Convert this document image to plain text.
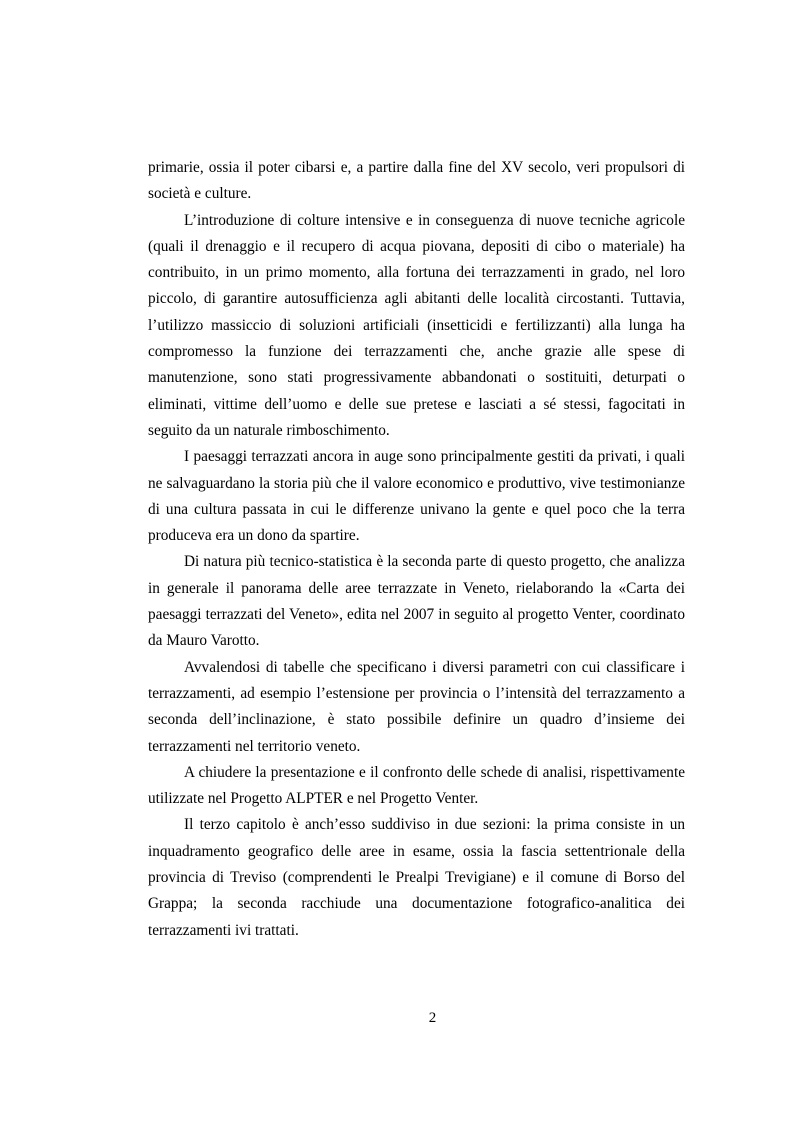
primarie, ossia il poter cibarsi e, a partire dalla fine del XV secolo, veri propulsori di società e culture.

L’introduzione di colture intensive e in conseguenza di nuove tecniche agricole (quali il drenaggio e il recupero di acqua piovana, depositi di cibo o materiale) ha contribuito, in un primo momento, alla fortuna dei terrazzamenti in grado, nel loro piccolo, di garantire autosufficienza agli abitanti delle località circostanti. Tuttavia, l’utilizzo massiccio di soluzioni artificiali (insetticidi e fertilizzanti) alla lunga ha compromesso la funzione dei terrazzamenti che, anche grazie alle spese di manutenzione, sono stati progressivamente abbandonati o sostituiti, deturpati o eliminati, vittime dell’uomo e delle sue pretese e lasciati a sé stessi, fagocitati in seguito da un naturale rimboschimento.

I paesaggi terrazzati ancora in auge sono principalmente gestiti da privati, i quali ne salvaguardano la storia più che il valore economico e produttivo, vive testimonianze di una cultura passata in cui le differenze univano la gente e quel poco che la terra produceva era un dono da spartire.

Di natura più tecnico-statistica è la seconda parte di questo progetto, che analizza in generale il panorama delle aree terrazzate in Veneto, rielaborando la «Carta dei paesaggi terrazzati del Veneto», edita nel 2007 in seguito al progetto Venter, coordinato da Mauro Varotto.

Avvalendosi di tabelle che specificano i diversi parametri con cui classificare i terrazzamenti, ad esempio l’estensione per provincia o l’intensità del terrazzamento a seconda dell’inclinazione, è stato possibile definire un quadro d’insieme dei terrazzamenti nel territorio veneto.

A chiudere la presentazione e il confronto delle schede di analisi, rispettivamente utilizzate nel Progetto ALPTER e nel Progetto Venter.

Il terzo capitolo è anch’esso suddiviso in due sezioni: la prima consiste in un inquadramento geografico delle aree in esame, ossia la fascia settentrionale della provincia di Treviso (comprendenti le Prealpi Trevigiane) e il comune di Borso del Grappa; la seconda racchiude una documentazione fotografico-analitica dei terrazzamenti ivi trattati.

2
